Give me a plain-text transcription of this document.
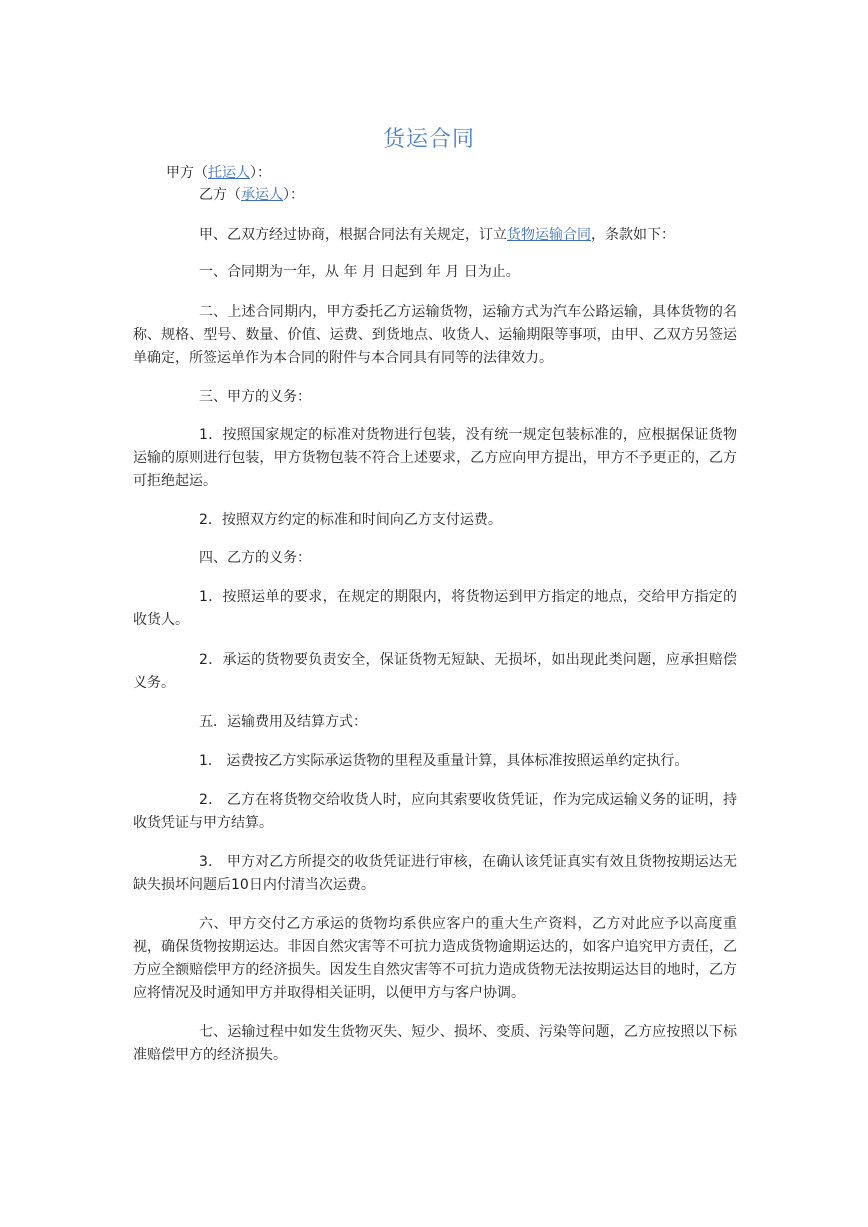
货运合同
甲方（托运人）：
乙方（承运人）：
甲、乙双方经过协商，根据合同法有关规定，订立货物运输合同，条款如下：
一、合同期为一年，从 年 月 日起到 年 月 日为止。
二、上述合同期内，甲方委托乙方运输货物，运输方式为汽车公路运输，具体货物的名称、规格、型号、数量、价值、运费、到货地点、收货人、运输期限等事项，由甲、乙双方另签运单确定，所签运单作为本合同的附件与本合同具有同等的法律效力。
三、甲方的义务：
1．按照国家规定的标准对货物进行包装，没有统一规定包装标准的，应根据保证货物运输的原则进行包装，甲方货物包装不符合上述要求，乙方应向甲方提出，甲方不予更正的，乙方可拒绝起运。
2．按照双方约定的标准和时间向乙方支付运费。
四、乙方的义务：
1．按照运单的要求，在规定的期限内，将货物运到甲方指定的地点，交给甲方指定的收货人。
2．承运的货物要负责安全，保证货物无短缺、无损坏，如出现此类问题，应承担赔偿义务。
五．运输费用及结算方式：
1． 运费按乙方实际承运货物的里程及重量计算，具体标准按照运单约定执行。
2． 乙方在将货物交给收货人时，应向其索要收货凭证，作为完成运输义务的证明，持收货凭证与甲方结算。
3． 甲方对乙方所提交的收货凭证进行审核，在确认该凭证真实有效且货物按期运达无缺失损坏问题后10日内付清当次运费。
六、甲方交付乙方承运的货物均系供应客户的重大生产资料，乙方对此应予以高度重视，确保货物按期运达。非因自然灾害等不可抗力造成货物逾期运达的，如客户追究甲方责任，乙方应全额赔偿甲方的经济损失。因发生自然灾害等不可抗力造成货物无法按期运达目的地时，乙方应将情况及时通知甲方并取得相关证明，以便甲方与客户协调。
七、运输过程中如发生货物灭失、短少、损坏、变质、污染等问题，乙方应按照以下标准赔偿甲方的经济损失。
